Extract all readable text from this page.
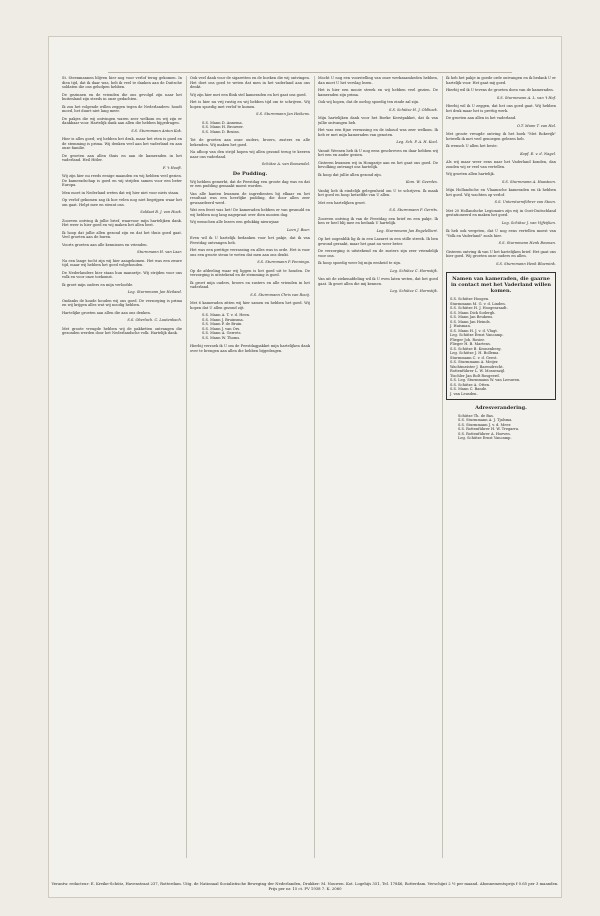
St. Steenmannen blijven hier nog voor verlof terug gekomen. In dien tijd, dat ik daar was, heb ik veel te danken aan de Duitsche soldaten die ons geholpen hebben.

De gezinnen en de vrienden die ons gevolgd zijn naar het buitenland zijn steeds in onze gedachten.

Ik zou het volgende willen zeggen tegen de Nederlanders: houdt moed, het duurt niet lang meer.

De pakjes die wij ontvingen waren zeer welkom en wij zijn er dankbaar voor. Hartelijk dank aan allen die hebben bijgedragen.

S.S. Sturmmann Anton Kok.

Hier is alles goed; wij hebben het druk, maar het eten is goed en de stemming is prima. Wij denken veel aan het vaderland en aan onze familie.

De groeten aan allen thuis en aan de kameraden in het vaderland. Heil Hitler.

F. 't Hooft.

Wij zijn hier nu reeds eenige maanden en wij hebben veel gezien. De kameradschap is goed en wij strijden samen voor een beter Europa.

Men moet in Nederland weten dat wij hier niet voor niets staan.

Op verlof gekomen zag ik hoe velen nog niet begrijpen waar het om gaat. Helpt mee en steunt ons.

Soldaat B. J. van Hoek.

Zooeven ontving ik jullie brief, waarvoor mijn hartelijken dank. Het weer is hier goed en wij maken het allen best.

Ik hoop dat jullie allen gezond zijn en dat het thuis goed gaat. Veel groeten aan de buren.

Voorts groeten aan alle kennissen en vrienden.

Sturmmann H. van Laar.

Na een lange tocht zijn wij hier aangekomen. Het was een zware tijd, maar wij hebben het goed volgehouden.

De Nederlanders hier staan hun mannetje. Wij strijden voor ons volk en voor onze toekomst.

Ik groet mijn ouders en mijn verloofde.

Leg. Sturmmann Jan Heiland.

Ondanks de koude houden wij ons goed. De verzorging is prima en wij krijgen alles wat wij noodig hebben.

Hartelijke groeten aan allen die aan ons denken.

S.S. Oberlach. C. Lautenbach.

Met groote vreugde hebben wij de pakketten ontvangen die gezonden werden door het Nederlandsche volk. Hartelijk dank.

Ook veel dank voor de sigaretten en de boeken die wij ontvingen. Het doet ons goed te weten dat men in het vaderland aan ons denkt.

Wij zijn hier met een flink stel kameraden en het gaat ons goed.

Het is hier nu vrij rustig en wij hebben tijd om te schrijven. Wij hopen spoedig met verlof te komen.

S.S. Sturmmann Jan Heikens.
S.S. Mann D. Annema.
S.S. Mann H. Brouwer.
S.S. Mann D. Bruins.

Tot de groeten aan onze ouders, broers, zusters en alle bekenden. Wij maken het goed.

Na afloop van den strijd hopen wij allen gezond terug te keeren naar ons vaderland.

Schütze A. van Roosendal.
De Pudding.

Wij hebben gemerkt, dat de Feestdag een groote dag was en dat er een pudding gemaakt moest worden.

Van alle kanten kwamen de ingredienten bij elkaar en het resultaat was een heerlijke pudding, die door allen zeer gewaardeerd werd.

Wat een feest was het! De kameraden hebben er van gesmuld en wij hebben nog lang nagepraat over dien mooien dag.

Wij wenschen alle lezers een gelukkig nieuwjaar.

Leen J. Boer.

Even wil ik U hartelijk bedanken voor het pakje, dat ik van Feestdag ontvangen heb.

Het was een prettige verrassing en alles was in orde. Het is voor ons een groote steun te weten dat men aan ons denkt.

S.S. Sturmmann P. Penninga.

Op de afdeeling waar wij liggen is het goed uit te houden. De verzorging is uitstekend en de stemming is goed.

Ik groet mijn ouders, broers en zusters en alle vrienden in het vaderland.

S.S. Sturmmann Chris van Rooij.

Met 6 kameraden zitten wij hier samen en hebben het goed. Wij hopen dat U allen gezond zijt.

S.S. Mann A. T. v. d. Heen.
S.S. Mann J. Bruinsma.
S.S. Mann P. de Bruin.
S.S. Mann J. van Ors.
S.S. Mann A. Gerrets.
S.S. Mann W. Thoms.

Hierbij verzoek ik U om de Feestdagpakket mijn hartelijken dank over te brengen aan allen die hebben bijgedragen.

Mocht U nog een voorstelling van onze werkzaamheden hebben, dan moet U het verslag lezen.

Het is hier een mooie streek en wij hebben veel gezien. De kameraden zijn prima.

Ook wij hopen, dat de oorlog spoedig ten einde zal zijn.

S.S. Schütze H. J. Oldhoek.

Mijn hartelijken dank voor het Boeke Kerstpakket, dat ik van jullie ontvangen heb.

Het was een fijne verrassing en de inhoud was zeer welkom. Ik heb er met mijn kameraden van genoten.

Leg. Sch. P. A. H. Kool.

Vanuit Weenen heb ik U nog eens geschreven en daar hebben wij het een en ander gezien.

Gisteren kwamen wij in Hongarije aan en het gaat ons goed. De bevolking ontvangt ons hartelijk.

Ik hoop dat jullie allen gezond zijn.

Kom. W. Geerdes.

Vanhij heb ik eindelijk gelegenheid om U te schrijven. Ik maak het goed en hoop hetzelfde van U allen.

Met een hartelijken groet.

S.S. Sturmmann P. Gerrits.

Zooeven ontving ik van de Feestdag een brief en een pakje. Ik ben er heel blij mee en bedank U hartelijk.

Leg. Sturmmann Jan Engelelbert.

Op het oogenblik lig ik in een Lazaret in een stille streek. Ik ben gewond geraakt, maar het gaat nu weer beter.

De verzorging is uitstekend en de zusters zijn zeer vriendelijk voor ons.

Ik hoop spoedig weer bij mijn eenheid te zijn.

Leg. Schütze C. Hornstijk.

Van uit de ziekenafdeling wil ik U even laten weten, dat het goed gaat. Ik groet allen die mij kennen.

Leg. Schütze C. Hornstijk.

Ik heb het pakje in goede orde ontvangen en ik bedank U er hartelijk voor. Het gaat mij goed.

Hierbij wil ik U tevens de groeten doen van de kameraden.

S.S. Sturmmann A. L. van 't Hof.

Hierbij wil ik U zeggen, dat het ons goed gaat. Wij hebben het druk maar het is prettig werk.

De groeten aan allen in het vaderland.

O.T. Mann T. van Hal.

Met groote vreugde ontving ik het boek "Met Rokevijk" hetwelk ik met veel genoegen gelezen heb.

Ik wensch U allen het beste.

Kopf. E. v. d. Nagel.

Als wij maar weer eens naar het Vaderland konden, dan zouden wij er veel van vertellen.

Wij groeten allen hartelijk.

S.S. Sturmmann A. Haasteen.

Mijn Hollandsche en Vlaamsche kameraden en ik hebben het goed. Wij wachten op verlof.

S.S. Untersturmführer van Steen.

Met 20 Hollandsche Legionairs zijn wij in Oost-Duitschland gestationeerd en maken het goed.

Leg. Schütze J. van Vijfeijken.

Ik heb ook vergeten, dat U nog eens vertellen moest van "Volk en Vaderland" zoals hier.

S.S. Sturmmann Henk Bosman.

Gisteren ontving ik van U het hartelijken brief. Het gaat ons hier goed. Wij groeten onze ouders en allen.

S.S. Sturmmann Henk Bloemink.
Namen van kameraden, die gaarne in contact met het Vaderland willen komen.
S.S. Schütze Hoogen.
Sturmmann M. G. v. d. Linden.
S.S. Schütze H. J. Hoogenraadt.
S.S. Mann Dick Sodergh.
S.S. Mann Jan Beukens.
S.S. Mann Jan Heinds.
J. Huisman.
S.S. Mann H. J. v. d. Vlugt.
Leg. Schütze Ernst Vancamp.
Flieger Joh. Rosier.
Flieger H. B. Martens.
S.S. Schütze B. Kronenberg.
Leg. Schütze J. H. Bollema.
Sturmmann C. v. d. Geest.
S.S. Sturmmann A. Meijer.
Wachtmeister J. Barendrecht.
Rottenführer L. W. Mossenzijl.
Tischler Jan Bolt Rosgeerd.
S.S. Leg. Sturmmann W. van Leeuwen.
S.S. Schütze A. Otten.
S.S. Mann C. Bande.
J. van Leusden.
Adresverandering.
Schütze Th. de Bas.
S.S. Sturmmann A. J. Tjalsma.
S.S. Sturmmann J. v. d. Meer.
S.S. Rottenführer H. W. Tregarra.
S.S. Rottenführer A. Hoeven.
Leg. Schütze Ernst Vancamp.
Verantw. redacteur: E. Kreike-Schütz, Havenstraat 237, Rotterdam. Uitg. de Nationaal Socialistische Beweging der Nederlanden, Drukker: M. Nouwen. Kot. Logehijs 351, Tel. 17846, Rotterdam. Verschijnt 2 ½ per maand. Abonnementsprijs f 0.65 per 3 maanden. Prijs per nr. 15 ct. PV 1938 7. K. 2060
